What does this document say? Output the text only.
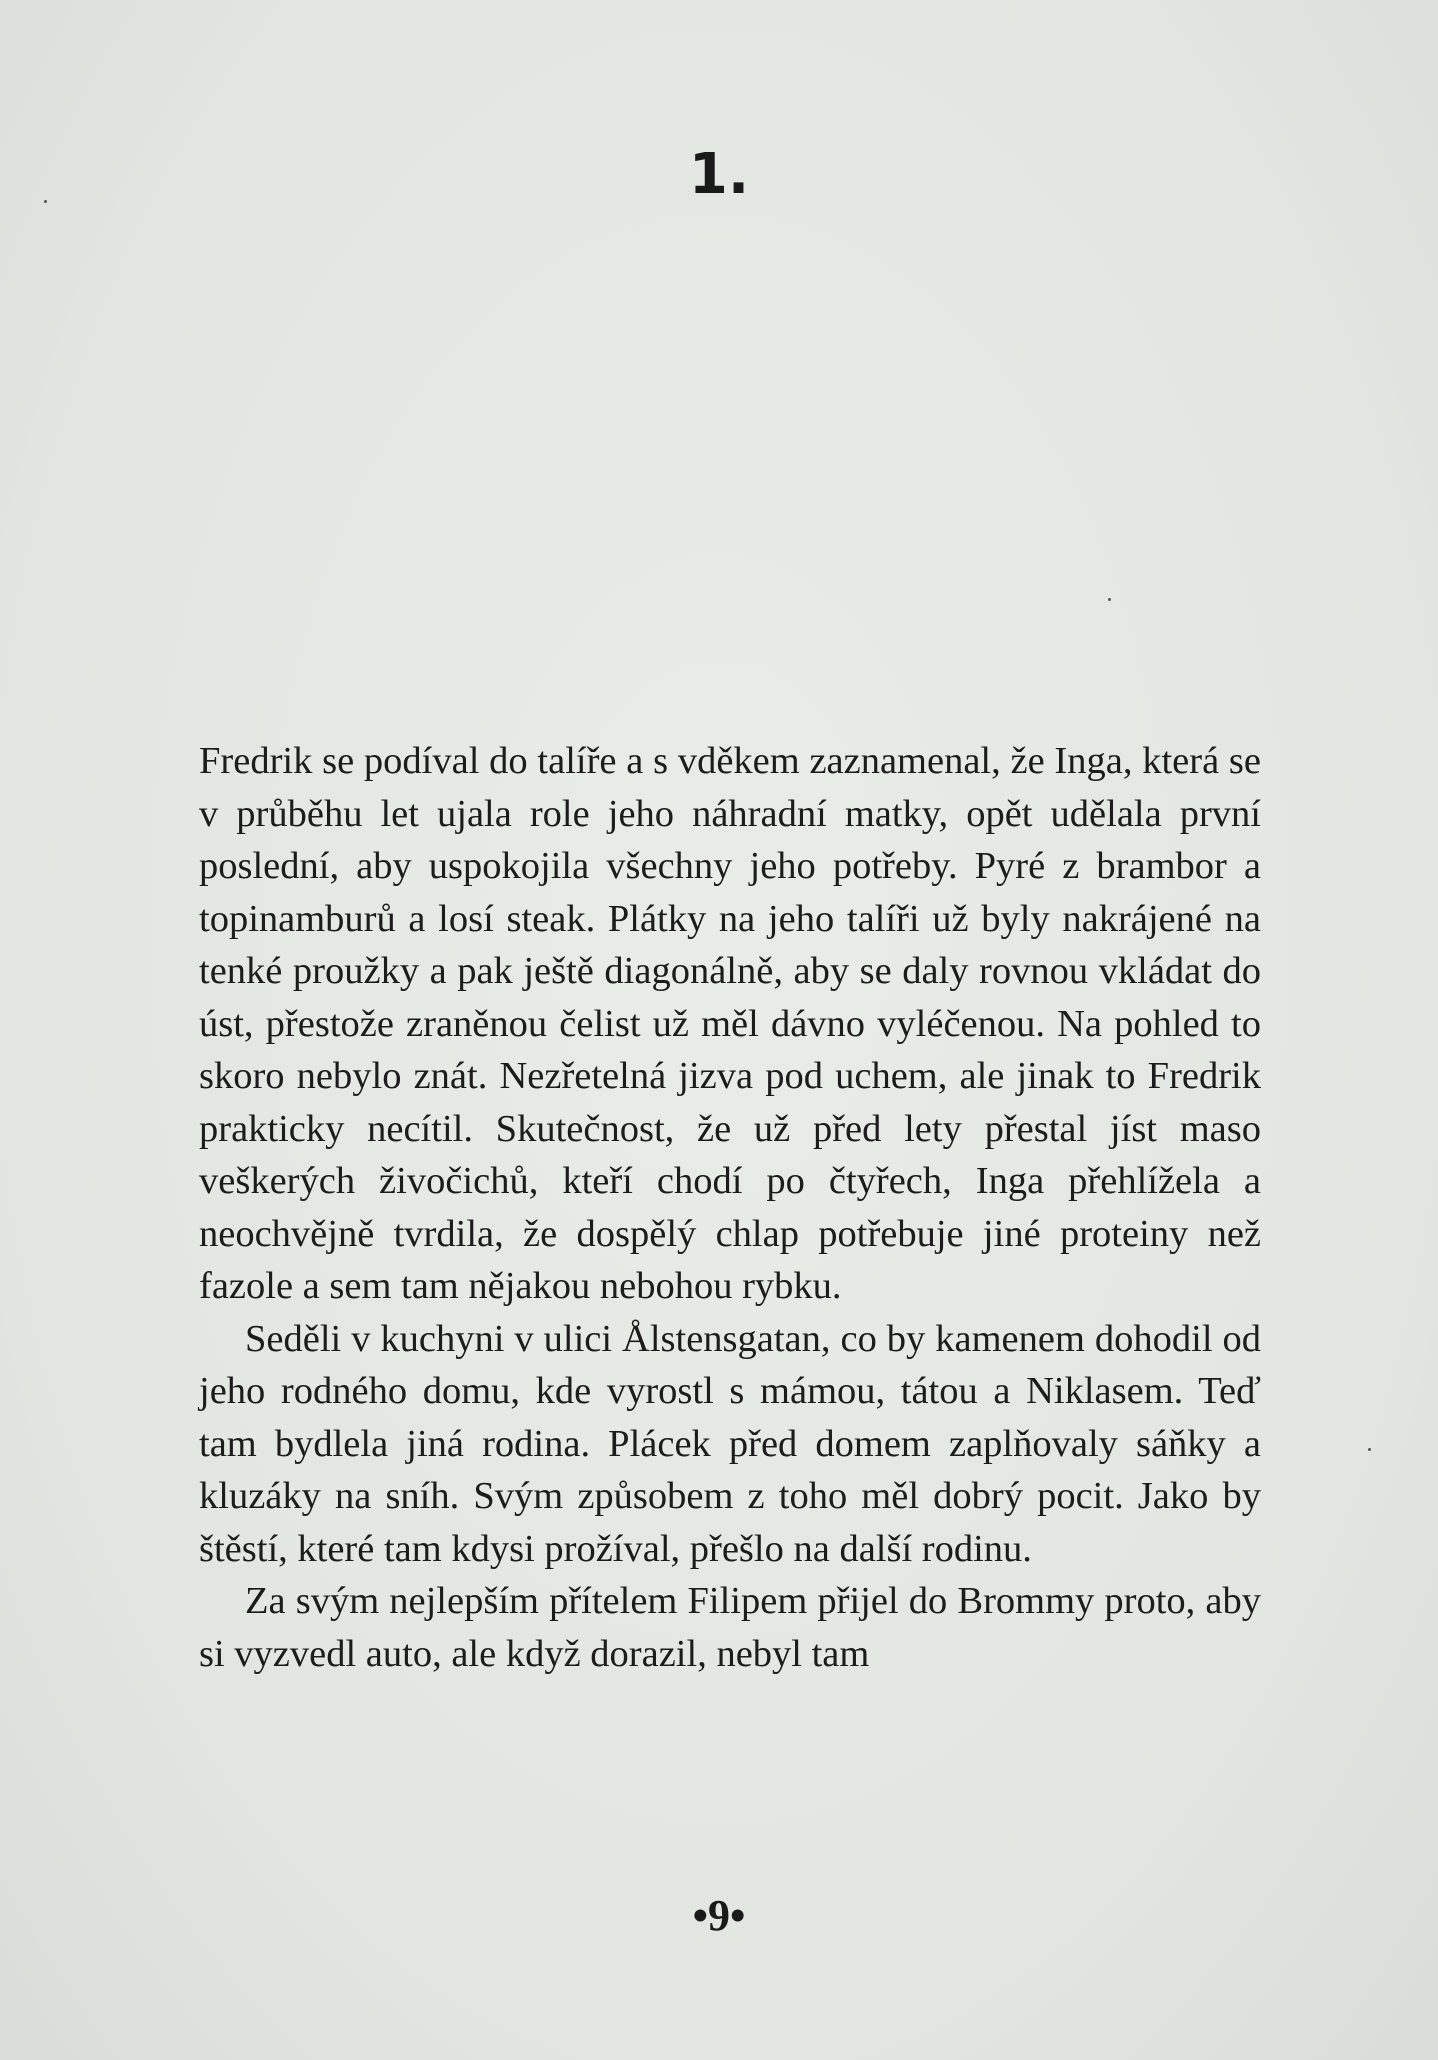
1.

Fredrik se podíval do talíře a s vděkem zaznamenal, že Inga, která se v průběhu let ujala role jeho náhradní matky, opět udělala první poslední, aby uspokojila všechny jeho potřeby. Pyré z brambor a topinamburů a losí steak. Plátky na jeho talíři už byly nakrájené na tenké proužky a pak ještě diagonálně, aby se daly rovnou vkládat do úst, přestože zraněnou čelist už měl dávno vyléčenou. Na pohled to skoro nebylo znát. Nezřetelná jizva pod uchem, ale jinak to Fredrik prakticky necítil. Skutečnost, že už před lety přestal jíst maso veškerých živočichů, kteří chodí po čtyřech, Inga přehlížela a neochvějně tvrdila, že dospělý chlap potřebuje jiné proteiny než fazole a sem tam nějakou nebohou rybku.

Seděli v kuchyni v ulici Ålstensgatan, co by kamenem dohodil od jeho rodného domu, kde vyrostl s mámou, tátou a Niklasem. Teď tam bydlela jiná rodina. Plácek před domem zaplňovaly sáňky a kluzáky na sníh. Svým způsobem z toho měl dobrý pocit. Jako by štěstí, které tam kdysi prožíval, přešlo na další rodinu.

Za svým nejlepším přítelem Filipem přijel do Brommy proto, aby si vyzvedl auto, ale když dorazil, nebyl tam

•9•
